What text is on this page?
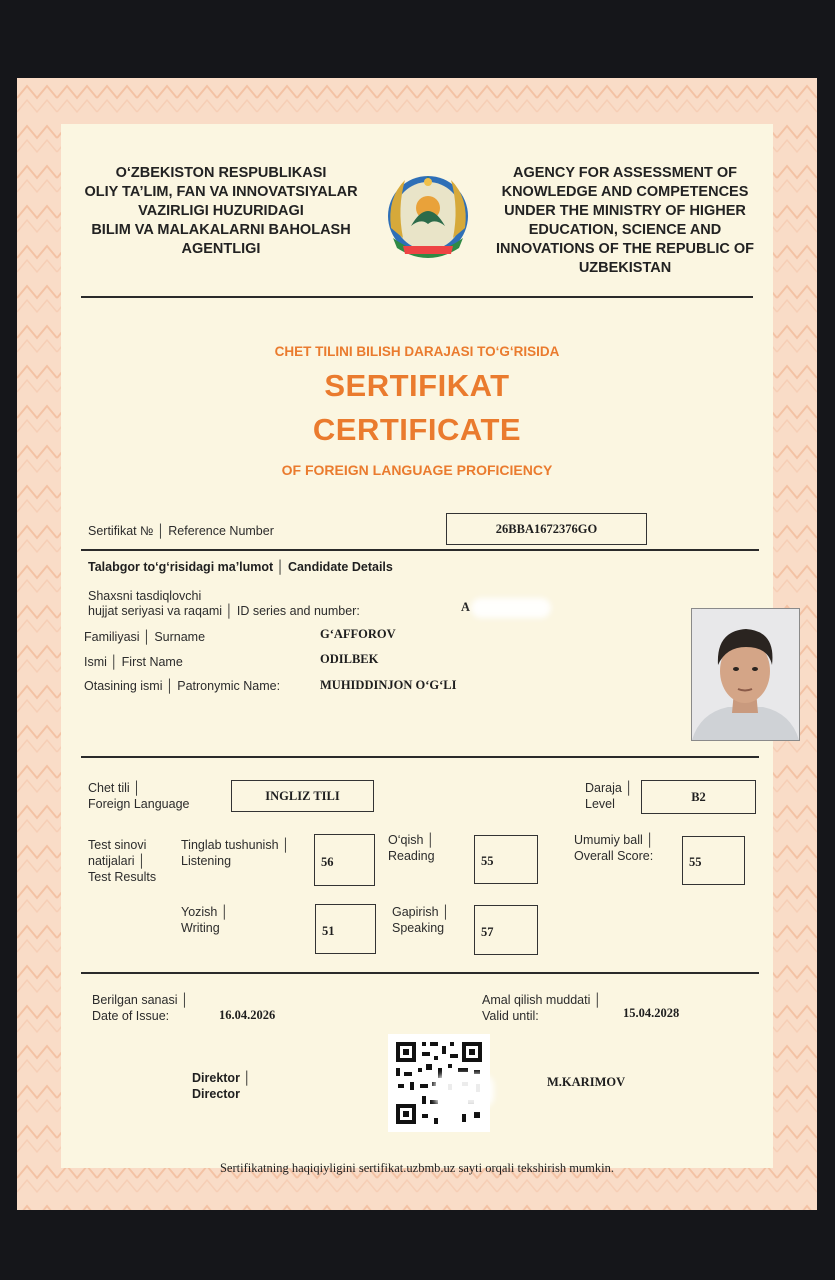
O‘ZBEKISTON RESPUBLIKASI
OLIY TA’LIM, FAN VA INNOVATSIYALAR
VAZIRLIGI HUZURIDAGI
BILIM VA MALAKALARNI BAHOLASH
AGENTLIGI
AGENCY FOR ASSESSMENT OF
KNOWLEDGE AND COMPETENCES
UNDER THE MINISTRY OF HIGHER
EDUCATION, SCIENCE AND
INNOVATIONS OF THE REPUBLIC OF
UZBEKISTAN
CHET TILINI BILISH DARAJASI TO‘G‘RISIDA
SERTIFIKAT
CERTIFICATE
OF FOREIGN LANGUAGE PROFICIENCY
Sertifikat № │ Reference Number	26BBA1672376GO
Talabgor to‘g‘risidagi ma’lumot │ Candidate Details
Shaxsni tasdiqlovchi
hujjat seriyasi va raqami │ ID series and number:	A
Familiyasi │ Surname	G‘AFFOROV
Ismi │ First Name	ODILBEK
Otasining ismi │ Patronymic Name:	MUHIDDINJON O‘G‘LI
Chet tili │
Foreign Language
INGLIZ TILI
Daraja │
Level
B2
Test sinovi
natijalari │
Test Results
Tinglab tushunish │
Listening	56
O‘qish │
Reading	55
Umumiy ball │
Overall Score:	55
Yozish │
Writing	51
Gapirish │
Speaking	57
Berilgan sanasi │
Date of Issue:	16.04.2026
Amal qilish muddati │
Valid until:	15.04.2028
Direktor │
Director
M.KARIMOV
Sertifikatning haqiqiyligini sertifikat.uzbmb.uz sayti orqali tekshirish mumkin.
